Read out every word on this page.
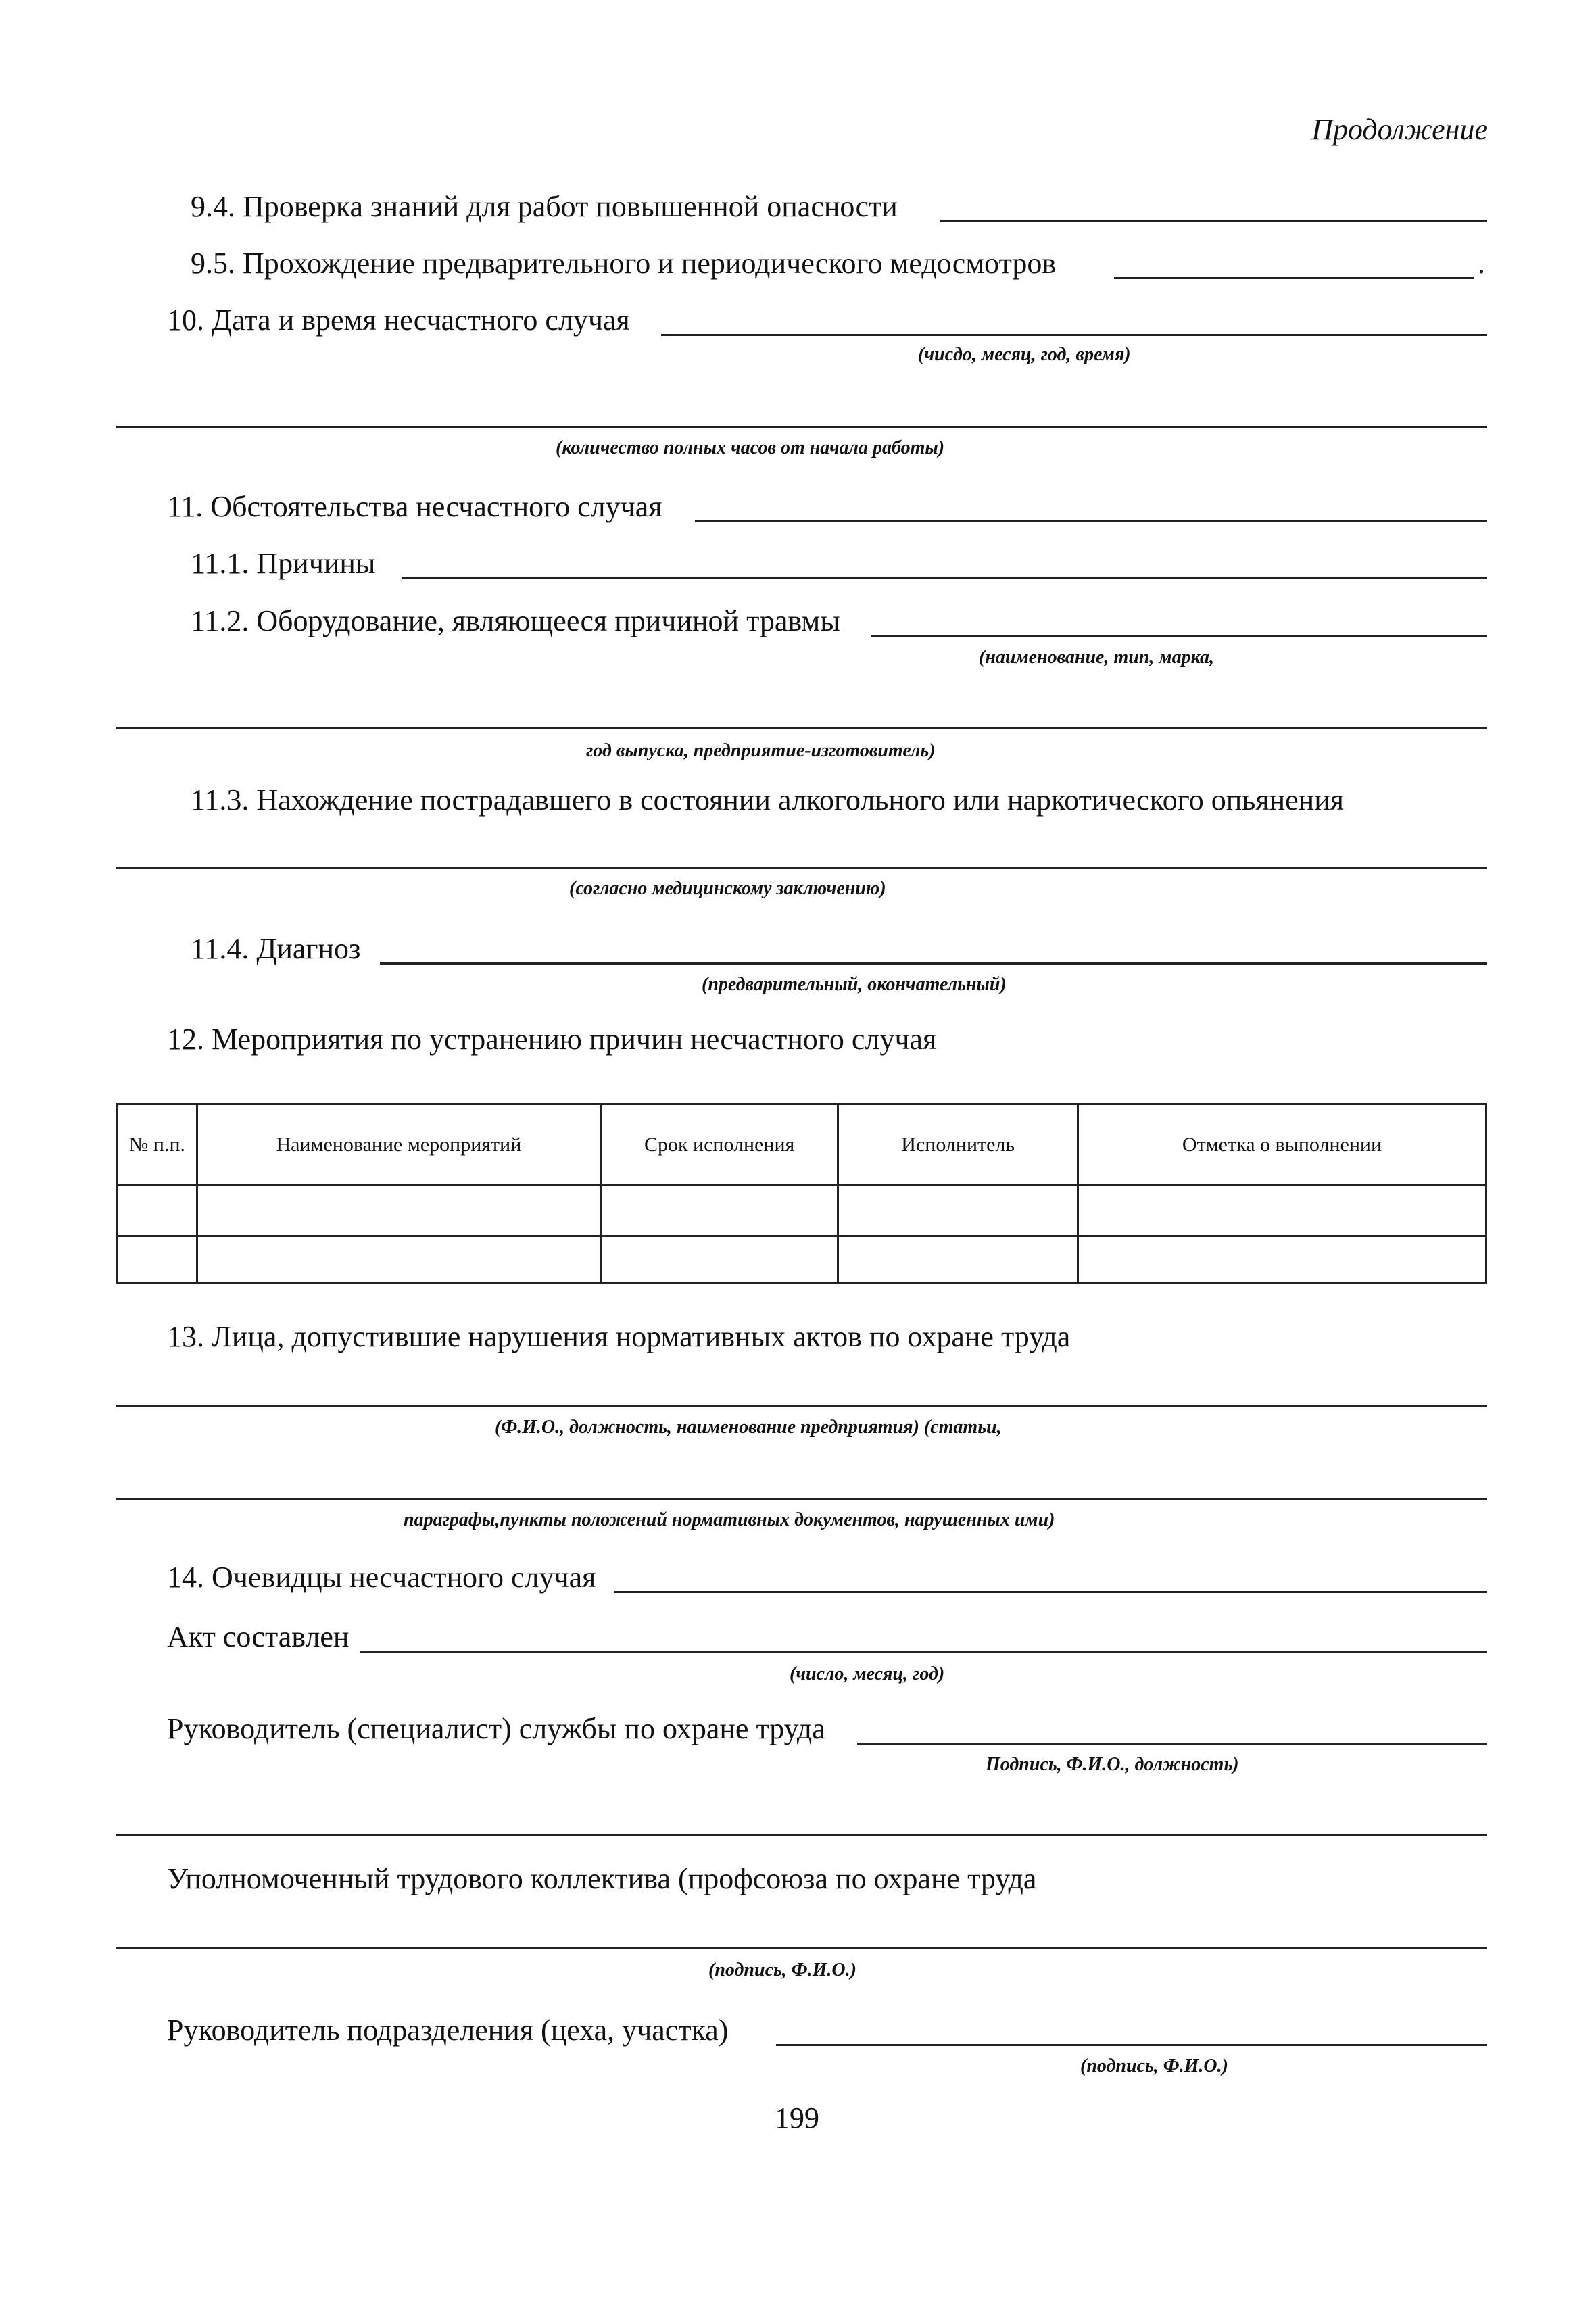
Продолжение
9.4. Проверка знаний для работ повышенной опасности
9.5. Прохождение предварительного и периодического медосмотров	.
10. Дата и время несчастного случая
(чисдо, месяц, год, время)
(количество полных часов от начала работы)
11. Обстоятельства несчастного случая
11.1. Причины
11.2. Оборудование, являющееся причиной травмы
(наименование, тип, марка,
год выпуска, предприятие-изготовитель)
11.3. Нахождение пострадавшего в состоянии алкогольного или наркотического опьянения
(согласно медицинскому заключению)
11.4. Диагноз
(предварительный, окончательный)
12. Мероприятия по устранению причин несчастного случая
№ п.п.	Наименование мероприятий	Срок исполнения	Исполнитель	Отметка о выполнении

13. Лица, допустившие нарушения нормативных актов по охране труда
(Ф.И.О., должность, наименование предприятия) (статьи,
параграфы,пункты положений нормативных документов, нарушенных ими)
14. Очевидцы несчастного случая
Акт составлен
(число, месяц, год)
Руководитель (специалист) службы по охране труда
Подпись, Ф.И.О., должность)
Уполномоченный трудового коллектива (профсоюза по охране труда
(подпись, Ф.И.О.)
Руководитель подразделения (цеха, участка)
(подпись, Ф.И.О.)
199
